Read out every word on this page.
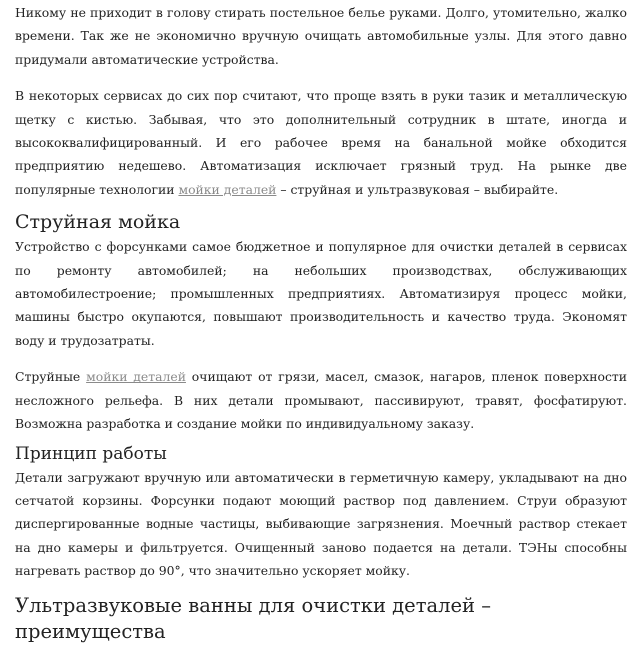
Никому не приходит в голову стирать постельное белье руками. Долго, утомительно, жалко времени. Так же не экономично вручную очищать автомобильные узлы. Для этого давно придумали автоматические устройства.

В некоторых сервисах до сих пор считают, что проще взять в руки тазик и металлическую щетку с кистью. Забывая, что это дополнительный сотрудник в штате, иногда и высококвалифицированный. И его рабочее время на банальной мойке обходится предприятию недешево. Автоматизация исключает грязный труд. На рынке две популярные технологии мойки деталей – струйная и ультразвуковая – выбирайте.

Струйная мойка

Устройство с форсунками самое бюджетное и популярное для очистки деталей в сервисах по ремонту автомобилей; на небольших производствах, обслуживающих автомобилестроение; промышленных предприятиях. Автоматизируя процесс мойки, машины быстро окупаются, повышают производительность и качество труда. Экономят воду и трудозатраты.

Струйные мойки деталей очищают от грязи, масел, смазок, нагаров, пленок поверхности несложного рельефа. В них детали промывают, пассивируют, травят, фосфатируют. Возможна разработка и создание мойки по индивидуальному заказу.

Принцип работы

Детали загружают вручную или автоматически в герметичную камеру, укладывают на дно сетчатой корзины. Форсунки подают моющий раствор под давлением. Струи образуют диспергированные водные частицы, выбивающие загрязнения. Моечный раствор стекает на дно камеры и фильтруется. Очищенный заново подается на детали. ТЭНы способны нагревать раствор до 90°, что значительно ускоряет мойку.

Ультразвуковые ванны для очистки деталей – преимущества
